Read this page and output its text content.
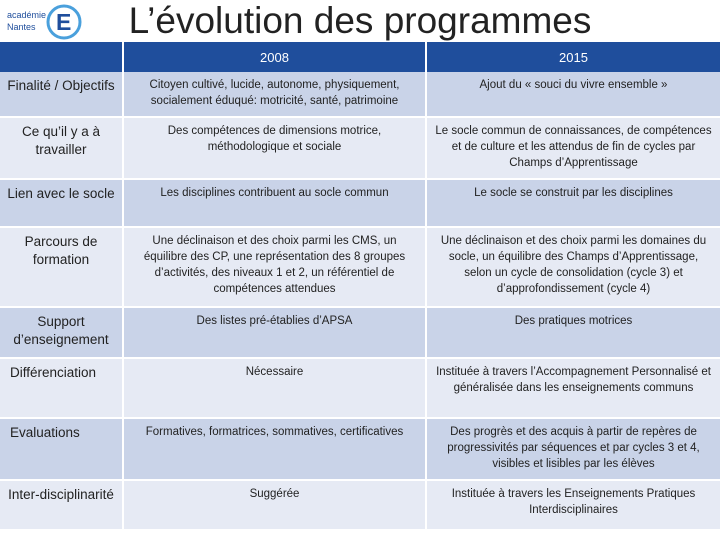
académie
Nantes E	L’évolution des programmes
	2008	2015
Finalité / Objectifs	Citoyen cultivé, lucide, autonome, physiquement, socialement éduqué: motricité, santé, patrimoine	Ajout du « souci du vivre ensemble »
Ce qu’il y a à travailler	Des compétences de dimensions motrice, méthodologique et sociale	Le socle commun de connaissances, de compétences et de culture et les attendus de fin de cycles par Champs d’Apprentissage
Lien avec le socle	Les disciplines contribuent au socle commun	Le socle se construit par les disciplines
Parcours de formation	Une déclinaison et des choix parmi les CMS, un équilibre des CP, une représentation des 8 groupes d’activités, des niveaux 1 et 2, un référentiel de compétences attendues	Une déclinaison et des choix parmi les domaines du socle, un équilibre des Champs d’Apprentissage, selon un cycle de consolidation (cycle 3) et d’approfondissement (cycle 4)
Support d’enseignement	Des listes pré-établies d’APSA	Des pratiques motrices
Différenciation	Nécessaire	Instituée à travers l’Accompagnement Personnalisé et généralisée dans les enseignements communs
Evaluations	Formatives, formatrices, sommatives, certificatives	Des progrès et des acquis à partir de repères de progressivités par séquences et par cycles 3 et 4, visibles et lisibles par les élèves
Inter-disciplinarité	Suggérée	Instituée à travers les Enseignements Pratiques Interdisciplinaires
